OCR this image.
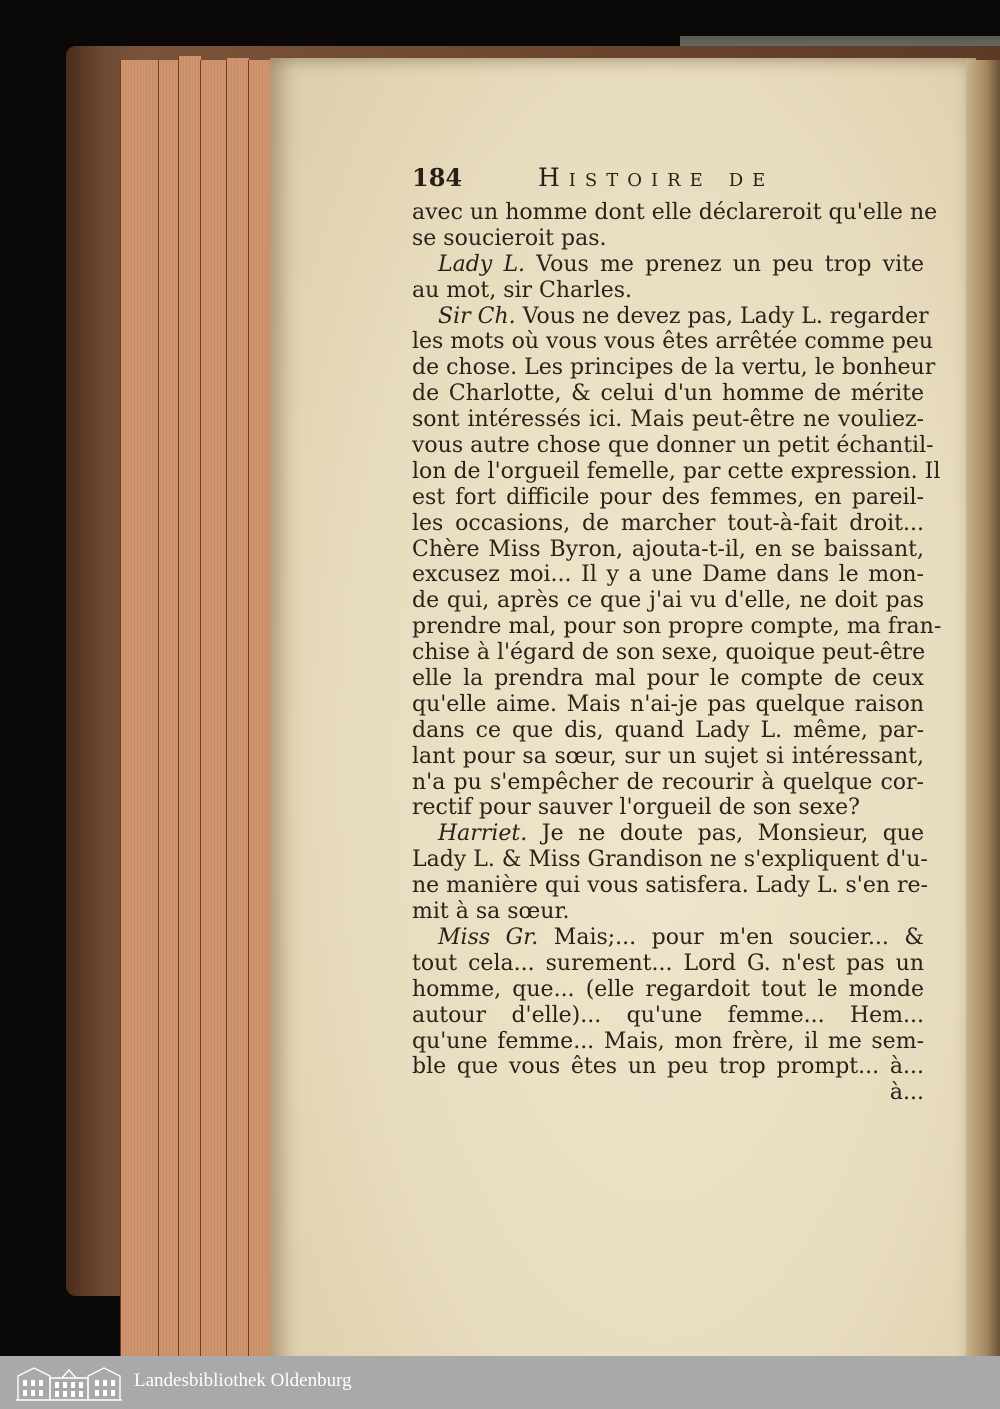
184	Histoire de
avec un homme dont elle déclareroit qu'elle ne
se soucieroit pas.
Lady L. Vous me prenez un peu trop vite
au mot, sir Charles.
Sir Ch. Vous ne devez pas, Lady L. regarder
les mots où vous vous êtes arrêtée comme peu
de chose. Les principes de la vertu, le bonheur
de Charlotte, & celui d'un homme de mérite
sont intéressés ici. Mais peut-être ne vouliez-
vous autre chose que donner un petit échantil-
lon de l'orgueil femelle, par cette expression. Il
est fort difficile pour des femmes, en pareil-
les occasions, de marcher tout-à-fait droit...
Chère Miss Byron, ajouta-t-il, en se baissant,
excusez moi... Il y a une Dame dans le mon-
de qui, après ce que j'ai vu d'elle, ne doit pas
prendre mal, pour son propre compte, ma fran-
chise à l'égard de son sexe, quoique peut-être
elle la prendra mal pour le compte de ceux
qu'elle aime. Mais n'ai-je pas quelque raison
dans ce que dis, quand Lady L. même, par-
lant pour sa sœur, sur un sujet si intéressant,
n'a pu s'empêcher de recourir à quelque cor-
rectif pour sauver l'orgueil de son sexe?
Harriet. Je ne doute pas, Monsieur, que
Lady L. & Miss Grandison ne s'expliquent d'u-
ne manière qui vous satisfera. Lady L. s'en re-
mit à sa sœur.
Miss Gr. Mais;... pour m'en soucier... &
tout cela... surement... Lord G. n'est pas un
homme, que... (elle regardoit tout le monde
autour d'elle)... qu'une femme... Hem...
qu'une femme... Mais, mon frère, il me sem-
ble que vous êtes un peu trop prompt... à...
à...
Landesbibliothek Oldenburg
